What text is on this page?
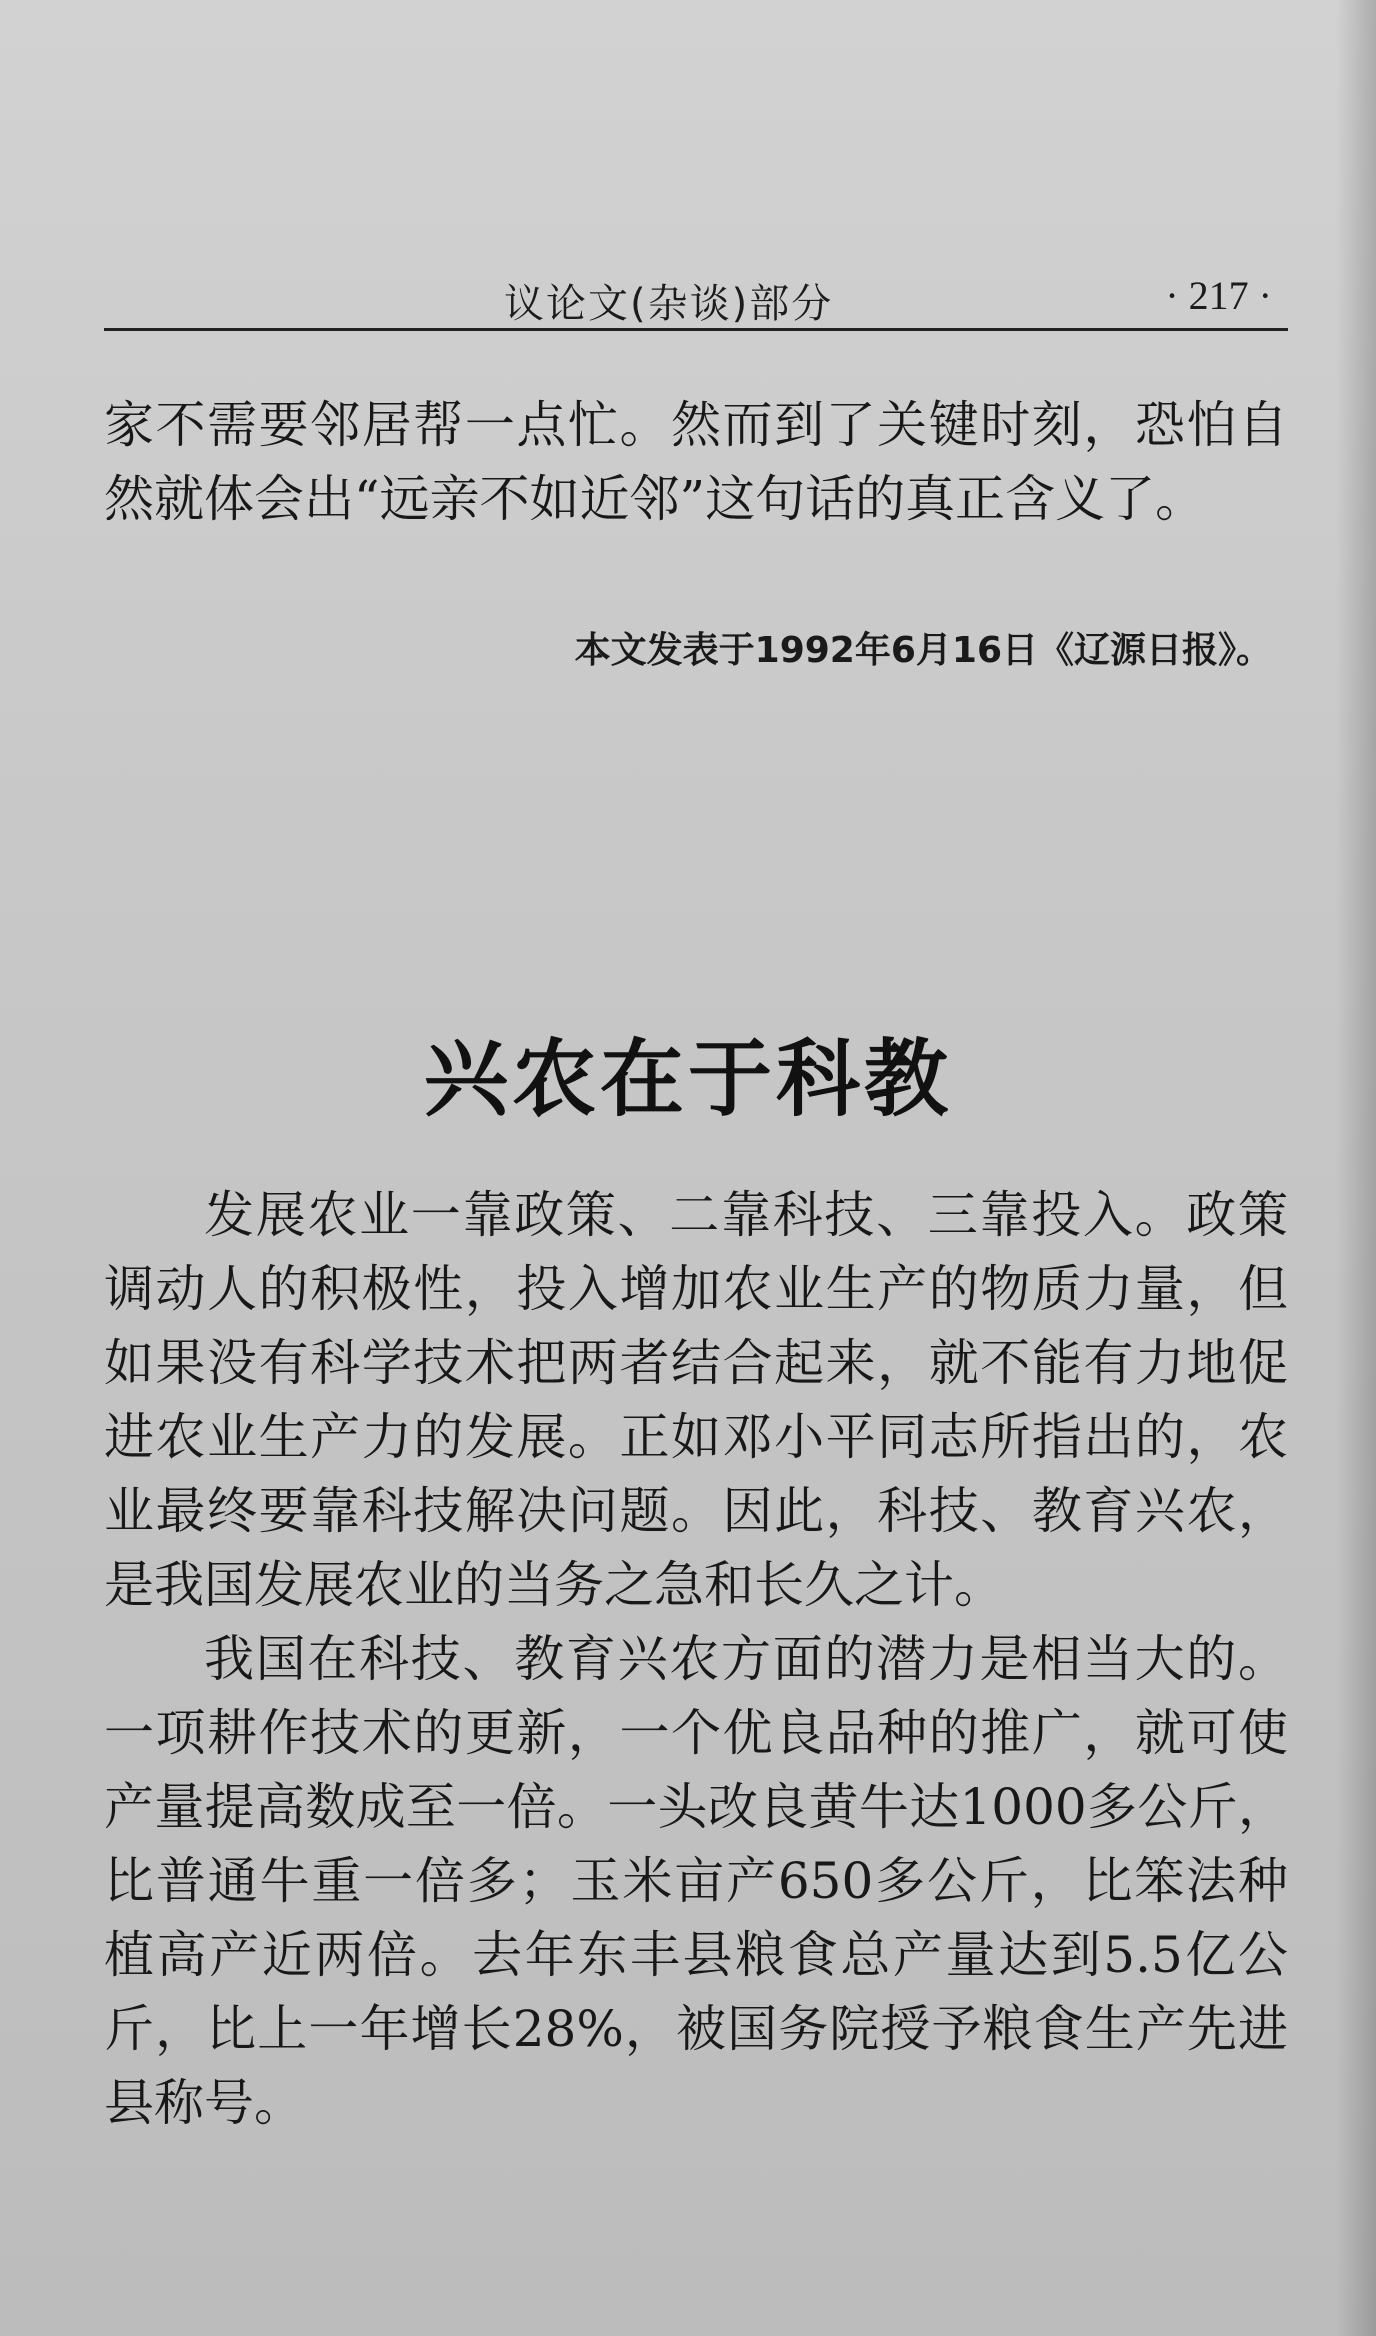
议论文(杂谈)部分	· 217 ·

家不需要邻居帮一点忙。然而到了关键时刻，恐怕自然就体会出“远亲不如近邻”这句话的真正含义了。

本文发表于1992年6月16日《辽源日报》。
兴农在于科教

发展农业一靠政策、二靠科技、三靠投入。政策调动人的积极性，投入增加农业生产的物质力量，但如果没有科学技术把两者结合起来，就不能有力地促进农业生产力的发展。正如邓小平同志所指出的，农业最终要靠科技解决问题。因此，科技、教育兴农，是我国发展农业的当务之急和长久之计。

我国在科技、教育兴农方面的潜力是相当大的。一项耕作技术的更新，一个优良品种的推广，就可使产量提高数成至一倍。一头改良黄牛达1000多公斤，比普通牛重一倍多；玉米亩产650多公斤，比笨法种植高产近两倍。去年东丰县粮食总产量达到5.5亿公斤，比上一年增长28%，被国务院授予粮食生产先进县称号。
